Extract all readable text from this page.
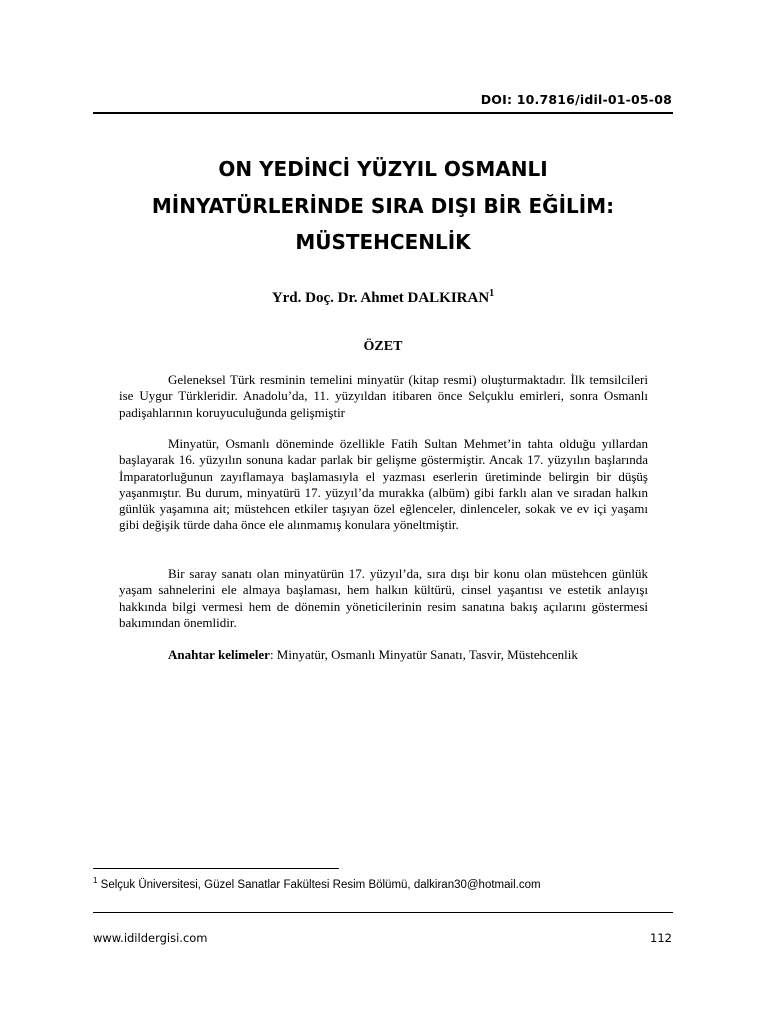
DOI: 10.7816/idil-01-05-08
ON YEDİNCİ YÜZYIL OSMANLI
MİNYATÜRLERİNDE SIRA DIŞI BİR EĞİLİM:
MÜSTEHCENLİK
Yrd. Doç. Dr. Ahmet DALKIRAN$^1$
ÖZET

Geleneksel Türk resminin temelini minyatür (kitap resmi) oluşturmaktadır. İlk temsilcileri ise Uygur Türkleridir. Anadolu’da, 11. yüzyıldan itibaren önce Selçuklu emirleri, sonra Osmanlı padişahlarının koruyuculuğunda gelişmiştir

Minyatür, Osmanlı döneminde özellikle Fatih Sultan Mehmet’in tahta olduğu yıllardan başlayarak 16. yüzyılın sonuna kadar parlak bir gelişme göstermiştir. Ancak 17. yüzyılın başlarında İmparatorluğunun zayıflamaya başlamasıyla el yazması eserlerin üretiminde belirgin bir düşüş yaşanmıştır. Bu durum, minyatürü 17. yüzyıl’da murakka (albüm) gibi farklı alan ve sıradan halkın günlük yaşamına ait; müstehcen etkiler taşıyan özel eğlenceler, dinlenceler, sokak ve ev içi yaşamı gibi değişik türde daha önce ele alınmamış konulara yöneltmiştir.

Bir saray sanatı olan minyatürün 17. yüzyıl’da, sıra dışı bir konu olan müstehcen günlük yaşam sahnelerini ele almaya başlaması, hem halkın kültürü, cinsel yaşantısı ve estetik anlayışı hakkında bilgi vermesi hem de dönemin yöneticilerinin resim sanatına bakış açılarını göstermesi bakımından önemlidir.

Anahtar kelimeler: Minyatür, Osmanlı Minyatür Sanatı, Tasvir, Müstehcenlik

$^1$ Selçuk Üniversitesi, Güzel Sanatlar Fakültesi Resim Bölümü, dalkiran30@hotmail.com
www.idildergisi.com	112
